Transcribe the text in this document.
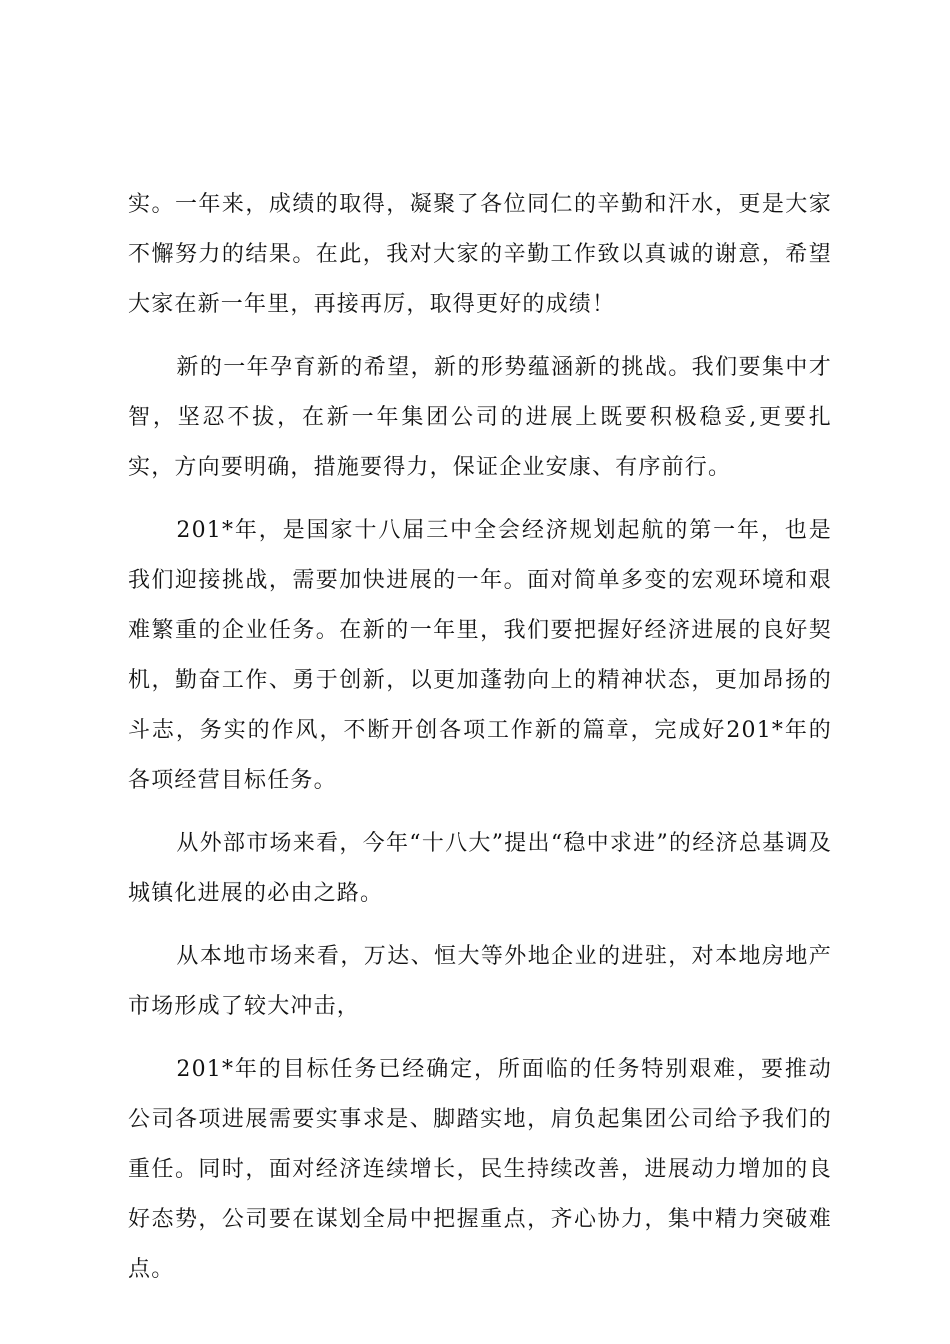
实。一年来，成绩的取得，凝聚了各位同仁的辛勤和汗水，更是大家不懈努力的结果。在此，我对大家的辛勤工作致以真诚的谢意，希望大家在新一年里，再接再厉，取得更好的成绩！

新的一年孕育新的希望，新的形势蕴涵新的挑战。我们要集中才智，坚忍不拔，在新一年集团公司的进展上既要积极稳妥,更要扎实，方向要明确，措施要得力，保证企业安康、有序前行。

201*年，是国家十八届三中全会经济规划起航的第一年，也是我们迎接挑战，需要加快进展的一年。面对简单多变的宏观环境和艰难繁重的企业任务。在新的一年里，我们要把握好经济进展的良好契机，勤奋工作、勇于创新，以更加蓬勃向上的精神状态，更加昂扬的斗志，务实的作风，不断开创各项工作新的篇章，完成好201*年的各项经营目标任务。

从外部市场来看，今年“十八大”提出“稳中求进”的经济总基调及城镇化进展的必由之路。

从本地市场来看，万达、恒大等外地企业的进驻，对本地房地产市场形成了较大冲击，

201*年的目标任务已经确定，所面临的任务特别艰难，要推动公司各项进展需要实事求是、脚踏实地，肩负起集团公司给予我们的重任。同时，面对经济连续增长，民生持续改善，进展动力增加的良好态势，公司要在谋划全局中把握重点，齐心协力，集中精力突破难点。
